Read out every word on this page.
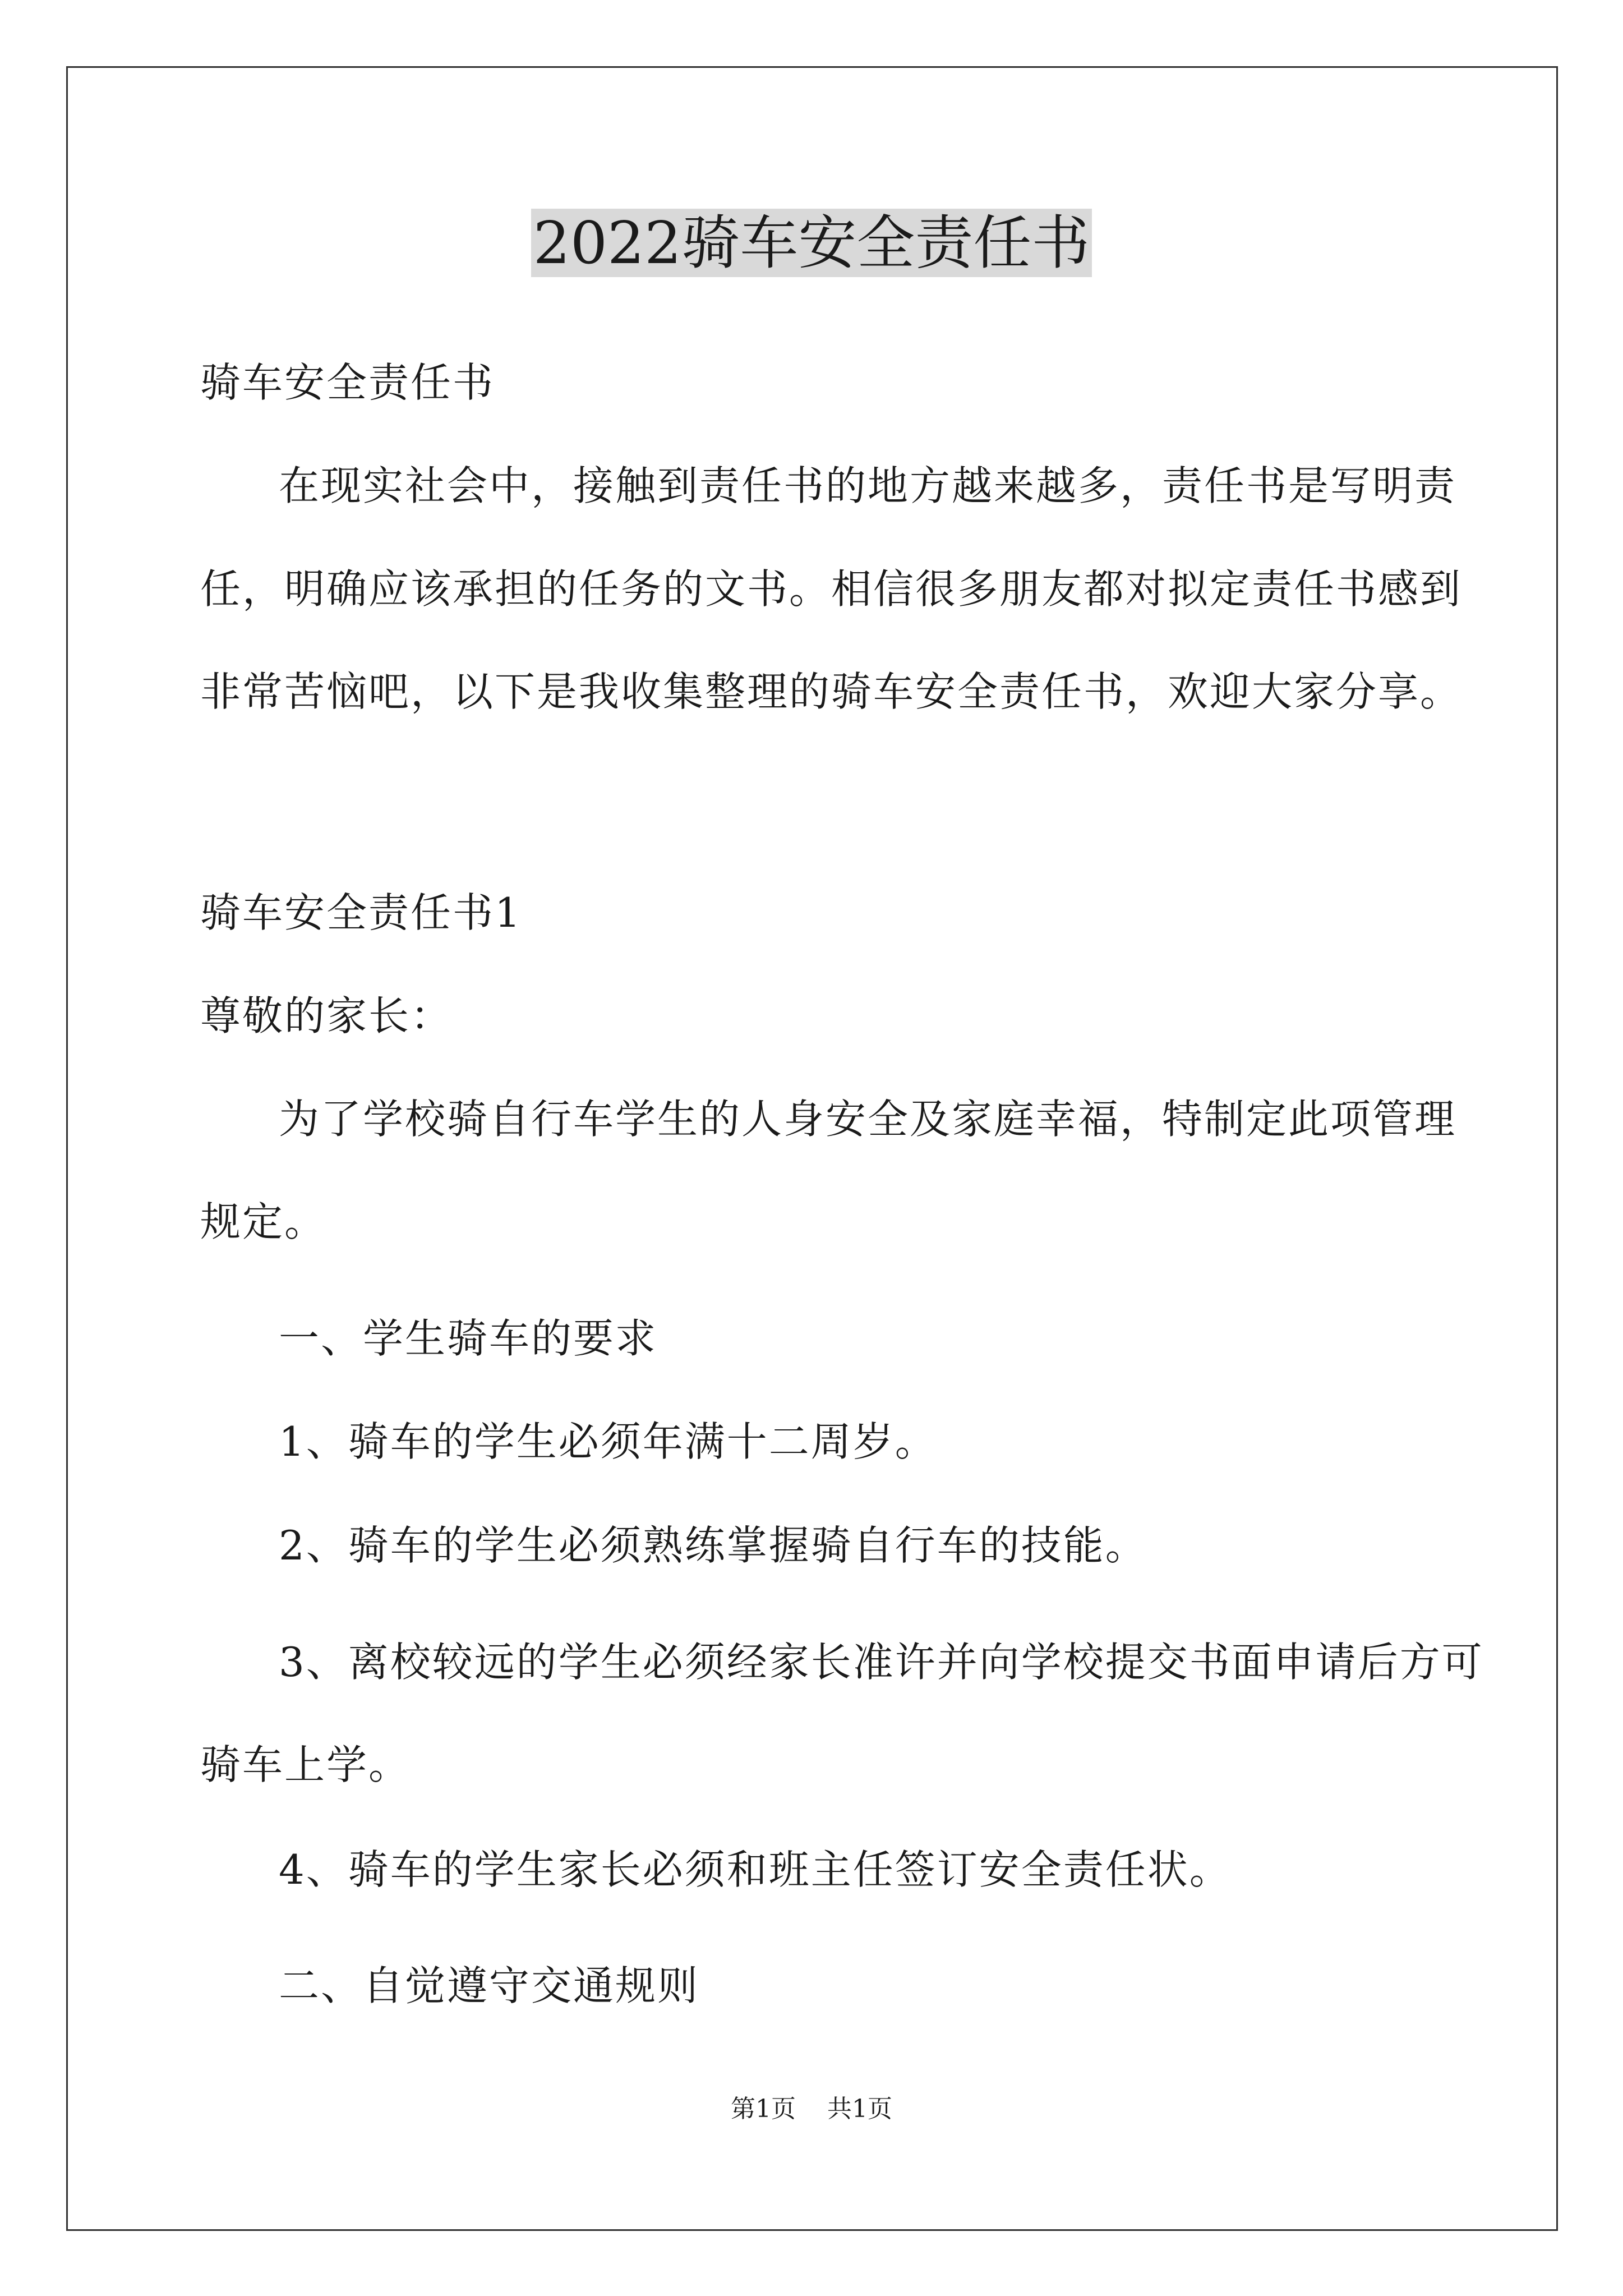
2022骑车安全责任书
骑车安全责任书
在现实社会中，接触到责任书的地方越来越多，责任书是写明责
任，明确应该承担的任务的文书。相信很多朋友都对拟定责任书感到
非常苦恼吧，以下是我收集整理的骑车安全责任书，欢迎大家分享。
骑车安全责任书1
尊敬的家长：
为了学校骑自行车学生的人身安全及家庭幸福，特制定此项管理
规定。
一、学生骑车的要求
1、骑车的学生必须年满十二周岁。
2、骑车的学生必须熟练掌握骑自行车的技能。
3、离校较远的学生必须经家长准许并向学校提交书面申请后方可
骑车上学。
4、骑车的学生家长必须和班主任签订安全责任状。
二、自觉遵守交通规则
第1页    共1页
